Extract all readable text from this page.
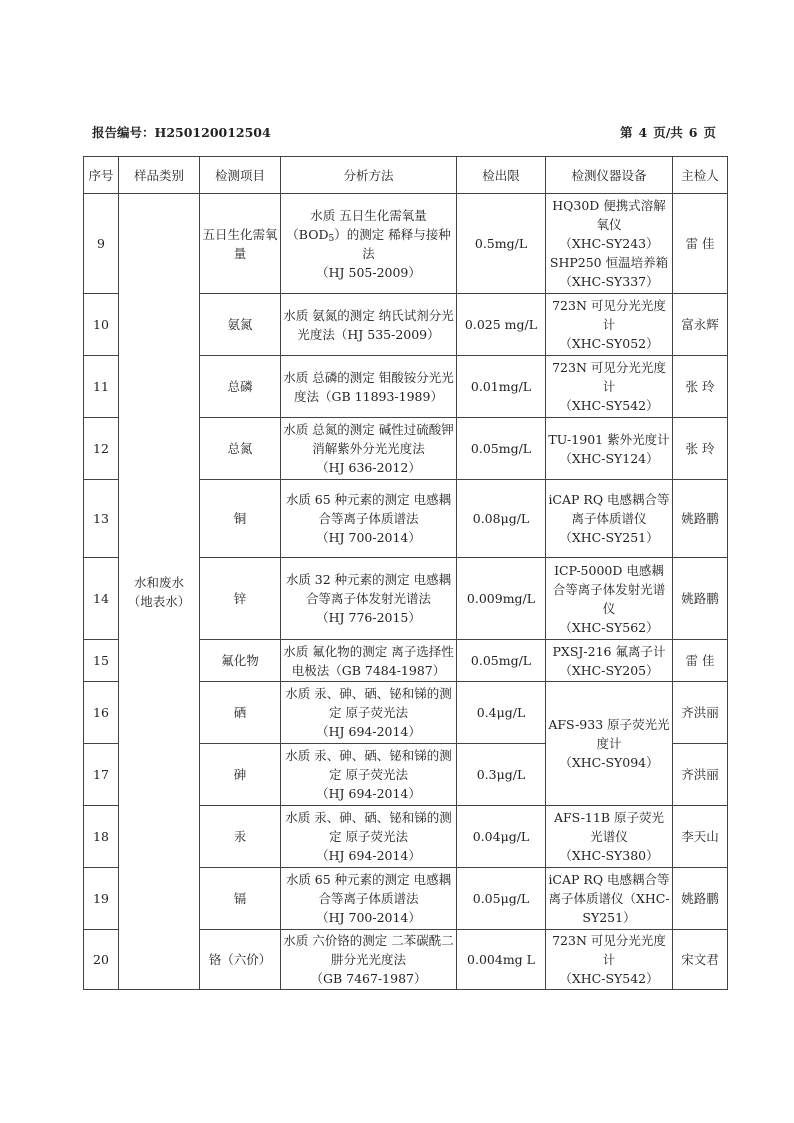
报告编号：H250120012504	第 4 页/共 6 页
序号	样品类别	检测项目	分析方法	检出限	检测仪器设备	主检人
9	水和废水
（地表水）	五日生化需氧量	水质 五日生化需氧量
$(BOD_5)$的测定 稀释与接种法
（HJ 505-2009）	0.5mg/L	HQ30D 便携式溶解氧仪
（XHC-SY243）
SHP250 恒温培养箱
（XHC-SY337）	雷 佳
10		氨氮	水质 氨氮的测定 纳氏试剂分光光度法（HJ 535-2009）	0.025 mg/L	723N 可见分光光度计
（XHC-SY052）	富永辉
11		总磷	水质 总磷的测定 钼酸铵分光光度法（GB 11893-1989）	0.01mg/L	723N 可见分光光度计
（XHC-SY542）	张 玲
12		总氮	水质 总氮的测定 碱性过硫酸钾消解紫外分光光度法
（HJ 636-2012）	0.05mg/L	TU-1901 紫外光度计
（XHC-SY124）	张 玲
13		铜	水质 65 种元素的测定 电感耦合等离子体质谱法
（HJ 700-2014）	0.08μg/L	iCAP RQ 电感耦合等离子体质谱仪
（XHC-SY251）	姚路鹏
14		锌	水质 32 种元素的测定 电感耦合等离子体发射光谱法
（HJ 776-2015）	0.009mg/L	ICP-5000D 电感耦合等离子体发射光谱仪
（XHC-SY562）	姚路鹏
15		氟化物	水质 氟化物的测定 离子选择性电极法（GB 7484-1987）	0.05mg/L	PXSJ-216 氟离子计（XHC-SY205）	雷 佳
16		硒	水质 汞、砷、硒、铋和锑的测定 原子荧光法
（HJ 694-2014）	0.4μg/L	AFS-933 原子荧光光度计
（XHC-SY094）	齐洪丽
17		砷	水质 汞、砷、硒、铋和锑的测定 原子荧光法
（HJ 694-2014）	0.3μg/L		齐洪丽
18		汞	水质 汞、砷、硒、铋和锑的测定 原子荧光法
（HJ 694-2014）	0.04μg/L	AFS-11B 原子荧光光谱仪
（XHC-SY380）	李天山
19		镉	水质 65 种元素的测定 电感耦合等离子体质谱法
（HJ 700-2014）	0.05μg/L	iCAP RQ 电感耦合等离子体质谱仪（XHC-SY251）	姚路鹏
20		铬（六价）	水质 六价铬的测定 二苯碳酰二肼分光光度法
（GB 7467-1987）	0.004mg L	723N 可见分光光度计
（XHC-SY542）	宋文君
